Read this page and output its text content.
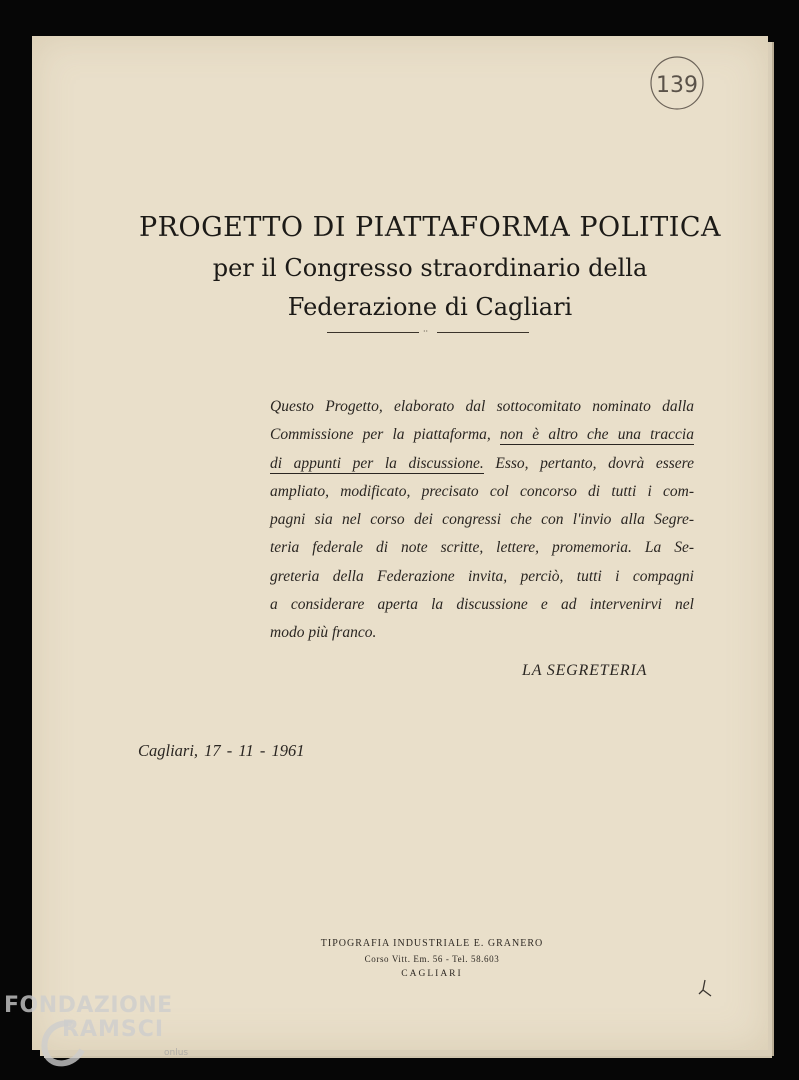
139
PROGETTO DI PIATTAFORMA POLITICA
per il Congresso straordinario della
Federazione di Cagliari
··
Questo Progetto, elaborato dal sottocomitato nominato dalla
Commissione per la piattaforma, non è altro che una traccia
di appunti per la discussione. Esso, pertanto, dovrà essere
ampliato, modificato, precisato col concorso di tutti i com-
pagni sia nel corso dei congressi che con l'invio alla Segre-
teria federale di note scritte, lettere, promemoria. La Se-
greteria della Federazione invita, perciò, tutti i compagni
a considerare aperta la discussione e ad intervenirvi nel
modo più franco.
LA SEGRETERIA
Cagliari, 17 - 11 - 1961
TIPOGRAFIA INDUSTRIALE E. GRANERO
Corso Vitt. Em. 56 - Tel. 58.603
CAGLIARI
FONDAZIONE
RAMSCI
onlus
